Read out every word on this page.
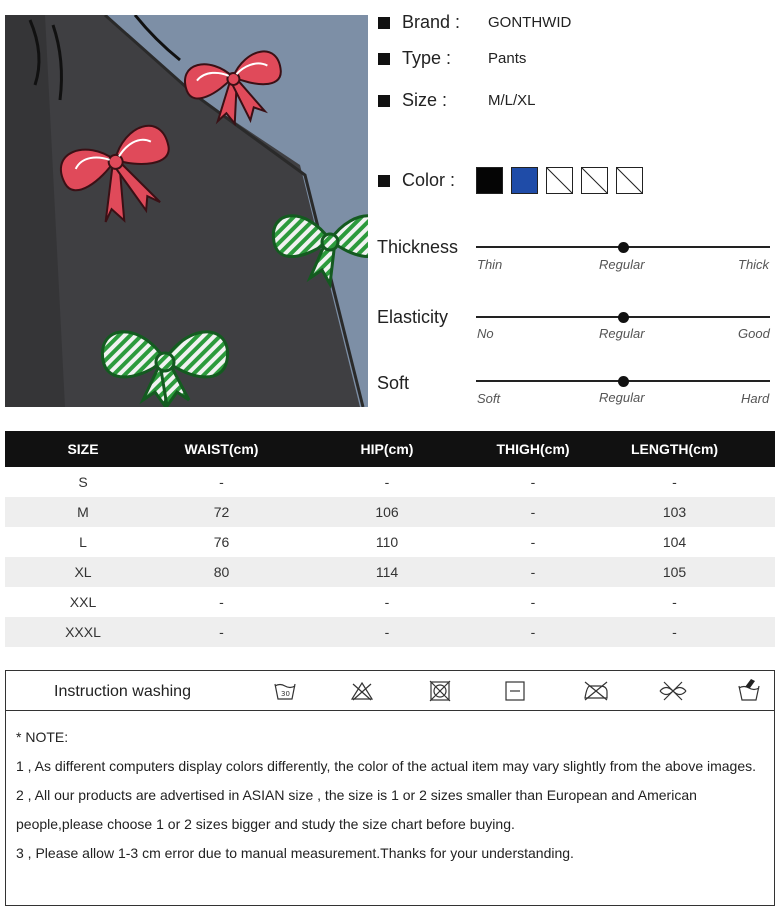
Brand :	GONTHWID
Type :	Pants
Size :	M/L/XL
Color :
Thickness
Thin	Regular	Thick
Elasticity
No	Regular	Good
Soft
Soft	Regular	Hard
SIZE	WAIST(cm)	HIP(cm)	THIGH(cm)	LENGTH(cm)
S	-	-	-	-
M	72	106	-	103
L	76	110	-	104
XL	80	114	-	105
XXL	-	-	-	-
XXXL	-	-	-	-
Instruction washing	30
* NOTE:
1 , As different computers display colors differently, the color of the actual item may vary slightly from the above images.
2 , All our products are advertised in ASIAN size , the size is 1 or 2 sizes smaller than European and American people,please choose 1 or 2 sizes bigger and study the size chart before buying.
3 , Please allow 1-3 cm error due to manual measurement.Thanks for your understanding.
